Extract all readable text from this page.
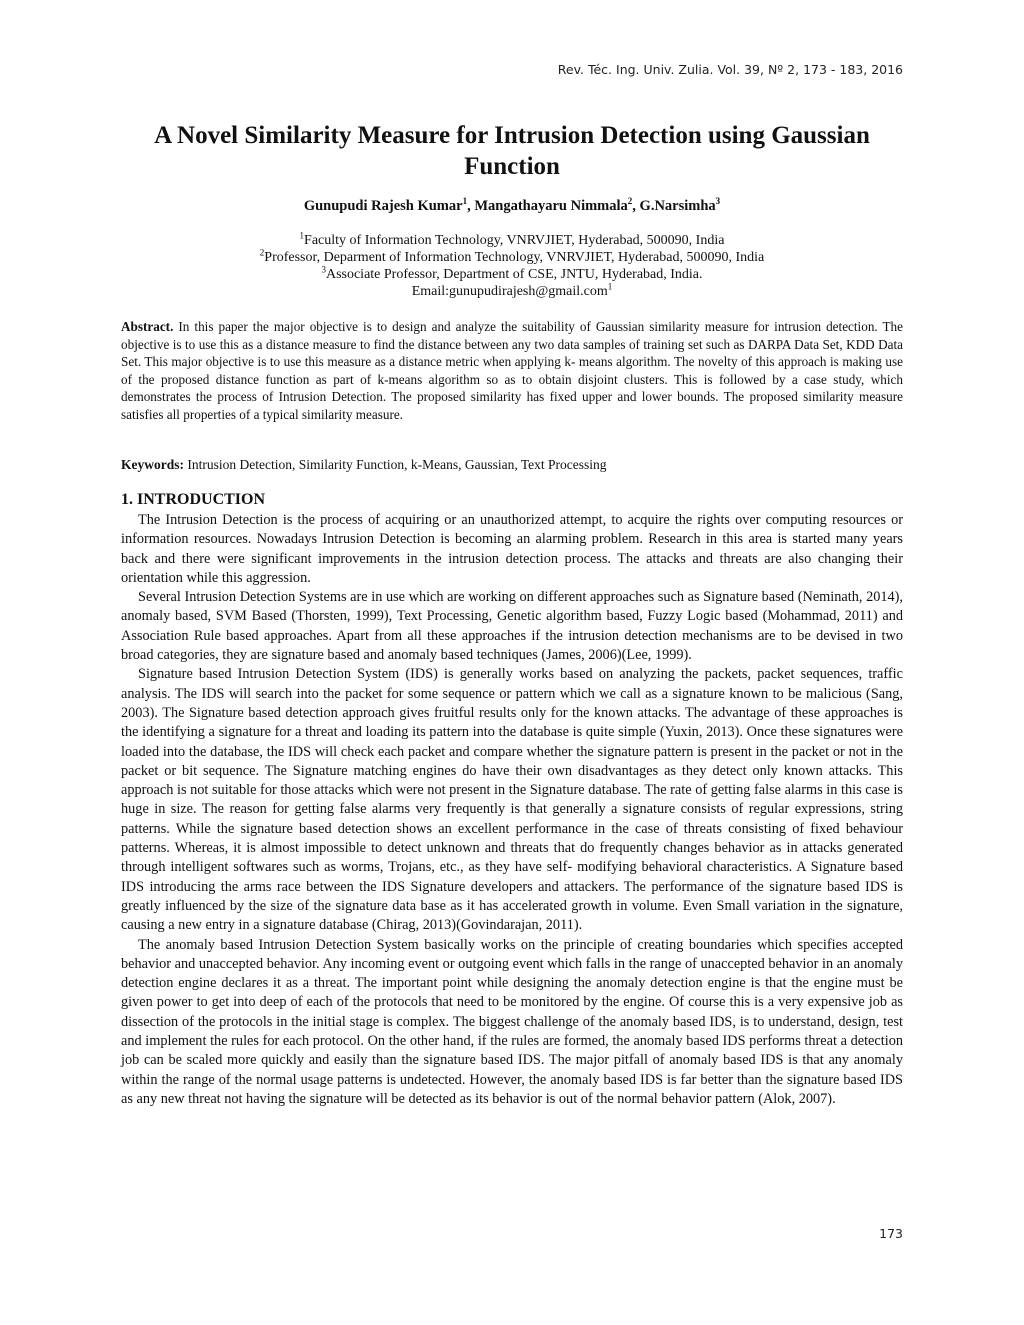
Rev. Téc. Ing. Univ. Zulia. Vol. 39, Nº 2, 173 - 183, 2016
A Novel Similarity Measure for Intrusion Detection using Gaussian Function
Gunupudi Rajesh Kumar$^1$, Mangathayaru Nimmala$^2$, G.Narsimha$^3$
$^1$Faculty of Information Technology, VNRVJIET, Hyderabad, 500090, India
$^2$Professor, Deparment of Information Technology, VNRVJIET, Hyderabad, 500090, India
$^3$Associate Professor, Department of CSE, JNTU, Hyderabad, India.
Email:gunupudirajesh@gmail.com$^1$
Abstract. In this paper the major objective is to design and analyze the suitability of Gaussian similarity measure for intrusion detection. The objective is to use this as a distance measure to find the distance between any two data samples of training set such as DARPA Data Set, KDD Data Set. This major objective is to use this measure as a distance metric when applying k- means algorithm. The novelty of this approach is making use of the proposed distance function as part of k-means algorithm so as to obtain disjoint clusters. This is followed by a case study, which demonstrates the process of Intrusion Detection. The proposed similarity has fixed upper and lower bounds. The proposed similarity measure satisfies all properties of a typical similarity measure.
Keywords: Intrusion Detection, Similarity Function, k-Means, Gaussian, Text Processing
1. INTRODUCTION

The Intrusion Detection is the process of acquiring or an unauthorized attempt, to acquire the rights over computing resources or information resources. Nowadays Intrusion Detection is becoming an alarming problem. Research in this area is started many years back and there were significant improvements in the intrusion detection process. The attacks and threats are also changing their orientation while this aggression.

Several Intrusion Detection Systems are in use which are working on different approaches such as Signature based (Neminath, 2014), anomaly based, SVM Based (Thorsten, 1999), Text Processing, Genetic algorithm based, Fuzzy Logic based (Mohammad, 2011) and Association Rule based approaches. Apart from all these approaches if the intrusion detection mechanisms are to be devised in two broad categories, they are signature based and anomaly based techniques (James, 2006)(Lee, 1999).

Signature based Intrusion Detection System (IDS) is generally works based on analyzing the packets, packet sequences, traffic analysis. The IDS will search into the packet for some sequence or pattern which we call as a signature known to be malicious (Sang, 2003). The Signature based detection approach gives fruitful results only for the known attacks. The advantage of these approaches is the identifying a signature for a threat and loading its pattern into the database is quite simple (Yuxin, 2013). Once these signatures were loaded into the database, the IDS will check each packet and compare whether the signature pattern is present in the packet or not in the packet or bit sequence. The Signature matching engines do have their own disadvantages as they detect only known attacks. This approach is not suitable for those attacks which were not present in the Signature database. The rate of getting false alarms in this case is huge in size. The reason for getting false alarms very frequently is that generally a signature consists of regular expressions, string patterns. While the signature based detection shows an excellent performance in the case of threats consisting of fixed behaviour patterns. Whereas, it is almost impossible to detect unknown and threats that do frequently changes behavior as in attacks generated through intelligent softwares such as worms, Trojans, etc., as they have self- modifying behavioral characteristics. A Signature based IDS introducing the arms race between the IDS Signature developers and attackers. The performance of the signature based IDS is greatly influenced by the size of the signature data base as it has accelerated growth in volume. Even Small variation in the signature, causing a new entry in a signature database (Chirag, 2013)(Govindarajan, 2011).

The anomaly based Intrusion Detection System basically works on the principle of creating boundaries which specifies accepted behavior and unaccepted behavior. Any incoming event or outgoing event which falls in the range of unaccepted behavior in an anomaly detection engine declares it as a threat. The important point while designing the anomaly detection engine is that the engine must be given power to get into deep of each of the protocols that need to be monitored by the engine. Of course this is a very expensive job as dissection of the protocols in the initial stage is complex. The biggest challenge of the anomaly based IDS, is to understand, design, test and implement the rules for each protocol. On the other hand, if the rules are formed, the anomaly based IDS performs threat a detection job can be scaled more quickly and easily than the signature based IDS. The major pitfall of anomaly based IDS is that any anomaly within the range of the normal usage patterns is undetected. However, the anomaly based IDS is far better than the signature based IDS as any new threat not having the signature will be detected as its behavior is out of the normal behavior pattern (Alok, 2007).

173
